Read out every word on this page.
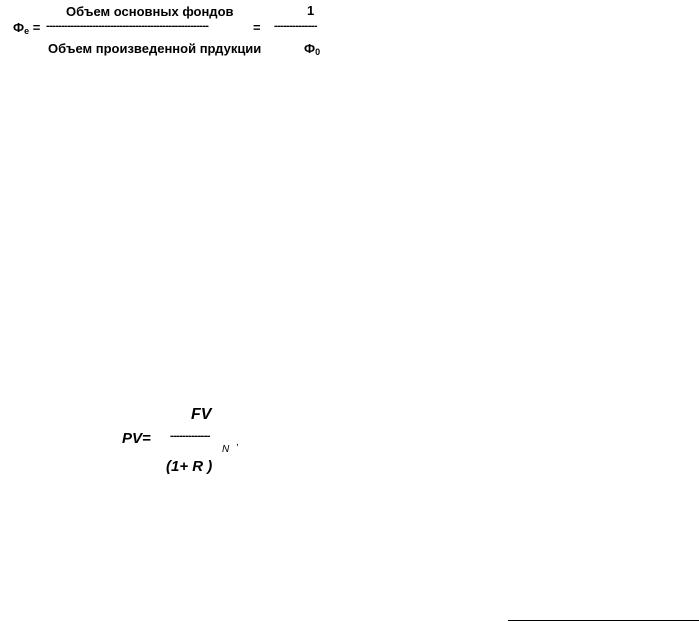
Объем основных фондов
$Ф_е$ = -----------------------------------------------------	=
Объем произведенной прдукции
1
--------------
$Ф_0$
FV
PV= -------------
,
N
(1+ R )
